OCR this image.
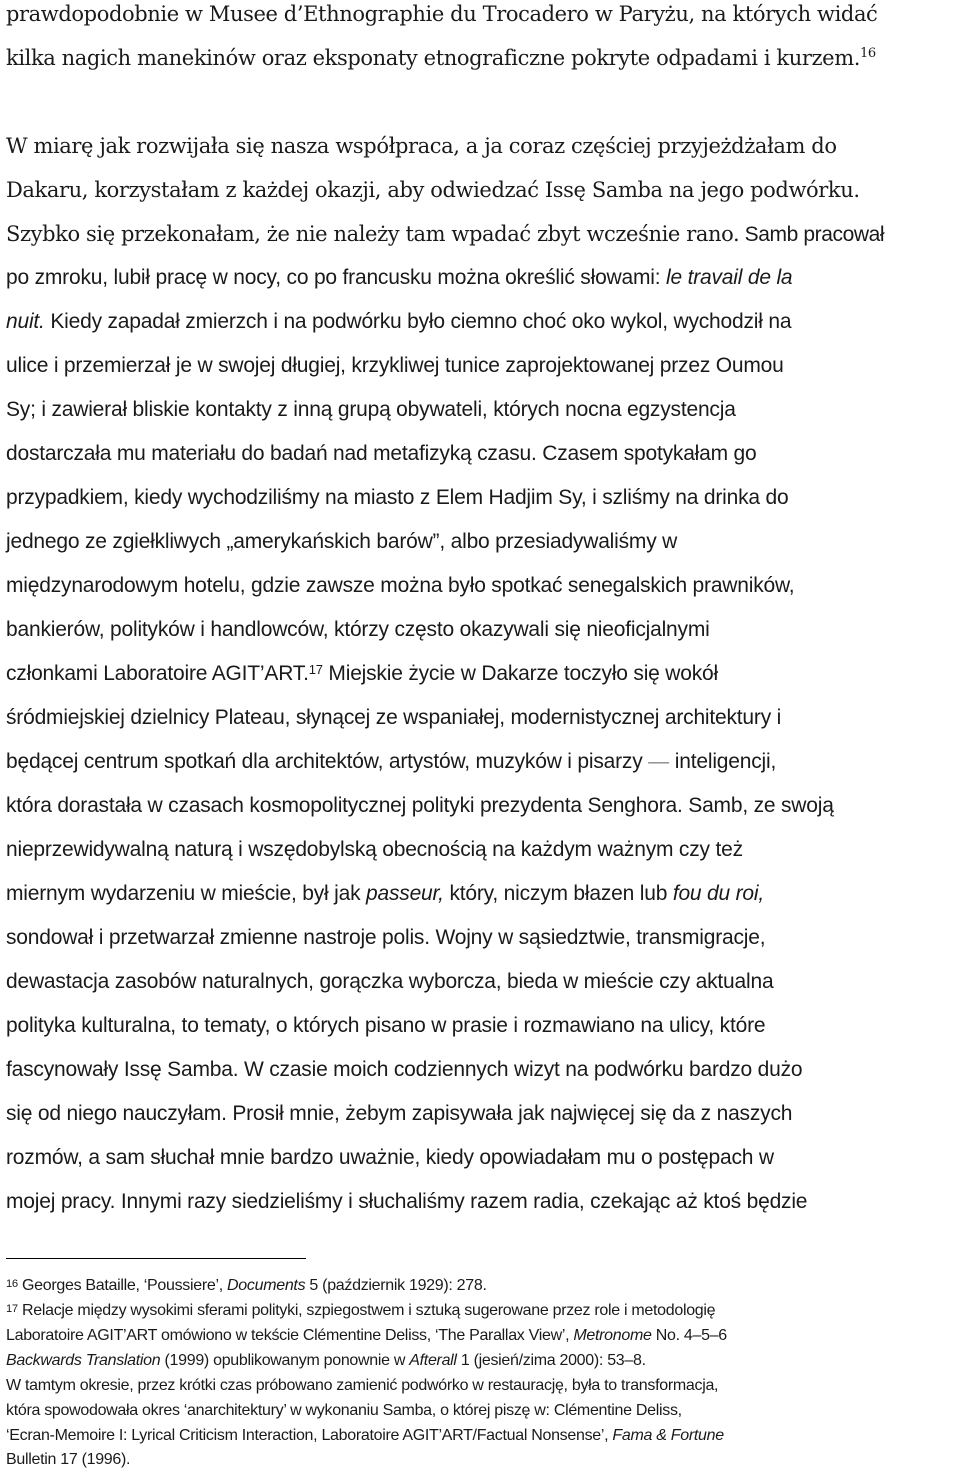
prawdopodobnie w Musee d’Ethnographie du Trocadero w Paryżu, na których widać
kilka nagich manekinów oraz eksponaty etnograficzne pokryte odpadami i kurzem.$^{16}$
W miarę jak rozwijała się nasza współpraca, a ja coraz częściej przyjeżdżałam do
Dakaru, korzystałam z każdej okazji, aby odwiedzać Issę Samba na jego podwórku.
Szybko się przekonałam, że nie należy tam wpadać zbyt wcześnie rano. Samb pracował
po zmroku, lubił pracę w nocy, co po francusku można określić słowami: le travail de la
nuit. Kiedy zapadał zmierzch i na podwórku było ciemno choć oko wykol, wychodził na
ulice i przemierzał je w swojej długiej, krzykliwej tunice zaprojektowanej przez Oumou
Sy; i zawierał bliskie kontakty z inną grupą obywateli, których nocna egzystencja
dostarczała mu materiału do badań nad metafizyką czasu. Czasem spotykałam go
przypadkiem, kiedy wychodziliśmy na miasto z Elem Hadjim Sy, i szliśmy na drinka do
jednego ze zgiełkliwych „amerykańskich barów”, albo przesiadywaliśmy w
międzynarodowym hotelu, gdzie zawsze można było spotkać senegalskich prawników,
bankierów, polityków i handlowców, którzy często okazywali się nieoficjalnymi
członkami Laboratoire AGIT’ART.$^{17}$ Miejskie życie w Dakarze toczyło się wokół
śródmiejskiej dzielnicy Plateau, słynącej ze wspaniałej, modernistycznej architektury i
będącej centrum spotkań dla architektów, artystów, muzyków i pisarzy — inteligencji,
która dorastała w czasach kosmopolitycznej polityki prezydenta Senghora. Samb, ze swoją
nieprzewidywalną naturą i wszędobylską obecnością na każdym ważnym czy też
miernym wydarzeniu w mieście, był jak passeur, który, niczym błazen lub fou du roi,
sondował i przetwarzał zmienne nastroje polis. Wojny w sąsiedztwie, transmigracje,
dewastacja zasobów naturalnych, gorączka wyborcza, bieda w mieście czy aktualna
polityka kulturalna, to tematy, o których pisano w prasie i rozmawiano na ulicy, które
fascynowały Issę Samba. W czasie moich codziennych wizyt na podwórku bardzo dużo
się od niego nauczyłam. Prosił mnie, żebym zapisywała jak najwięcej się da z naszych
rozmów, a sam słuchał mnie bardzo uważnie, kiedy opowiadałam mu o postępach w
mojej pracy. Innymi razy siedzieliśmy i słuchaliśmy razem radia, czekając aż ktoś będzie
$^{16}$ Georges Bataille, ‘Poussiere’, Documents 5 (październik 1929): 278.
$^{17}$ Relacje między wysokimi sferami polityki, szpiegostwem i sztuką sugerowane przez role i metodologię
Laboratoire AGIT’ART omówiono w tekście Clémentine Deliss, ‘The Parallax View’, Metronome No. 4–5–6
Backwards Translation (1999) opublikowanym ponownie w Afterall 1 (jesień/zima 2000): 53–8.
W tamtym okresie, przez krótki czas próbowano zamienić podwórko w restaurację, była to transformacja,
która spowodowała okres ‘anarchitektury’ w wykonaniu Samba, o której piszę w: Clémentine Deliss,
‘Ecran-Memoire I: Lyrical Criticism Interaction, Laboratoire AGIT’ART/Factual Nonsense’, Fama & Fortune
Bulletin 17 (1996).
